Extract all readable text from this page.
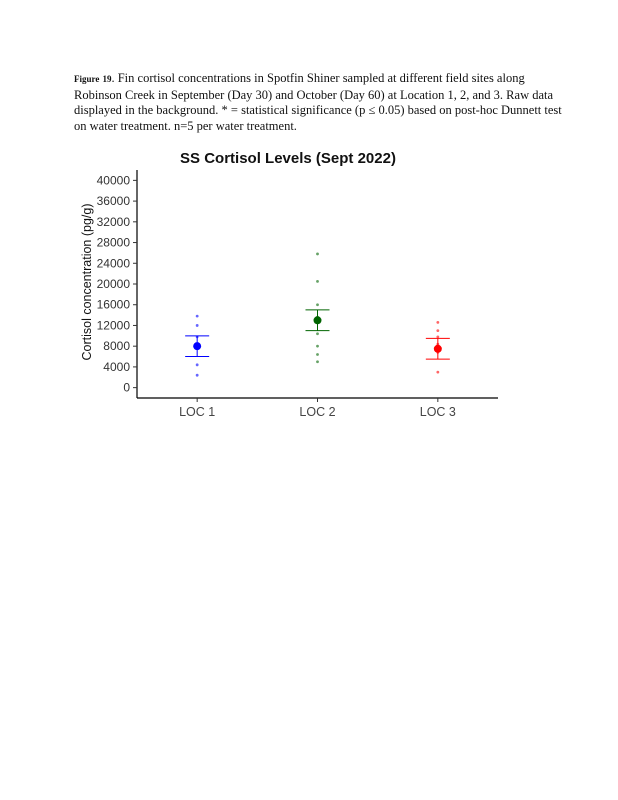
Figure 19. Fin cortisol concentrations in Spotfin Shiner sampled at different field sites along Robinson Creek in September (Day 30) and October (Day 60) at Location 1, 2, and 3. Raw data displayed in the background. * = statistical significance (p ≤ 0.05) based on post-hoc Dunnett test on water treatment. n=5 per water treatment.
SS Cortisol Levels (Sept 2022)
Cortisol concentration (pg/g)
0
4000
8000
12000
16000
20000
24000
28000
32000
36000
40000
LOC 1	LOC 2	LOC 3
